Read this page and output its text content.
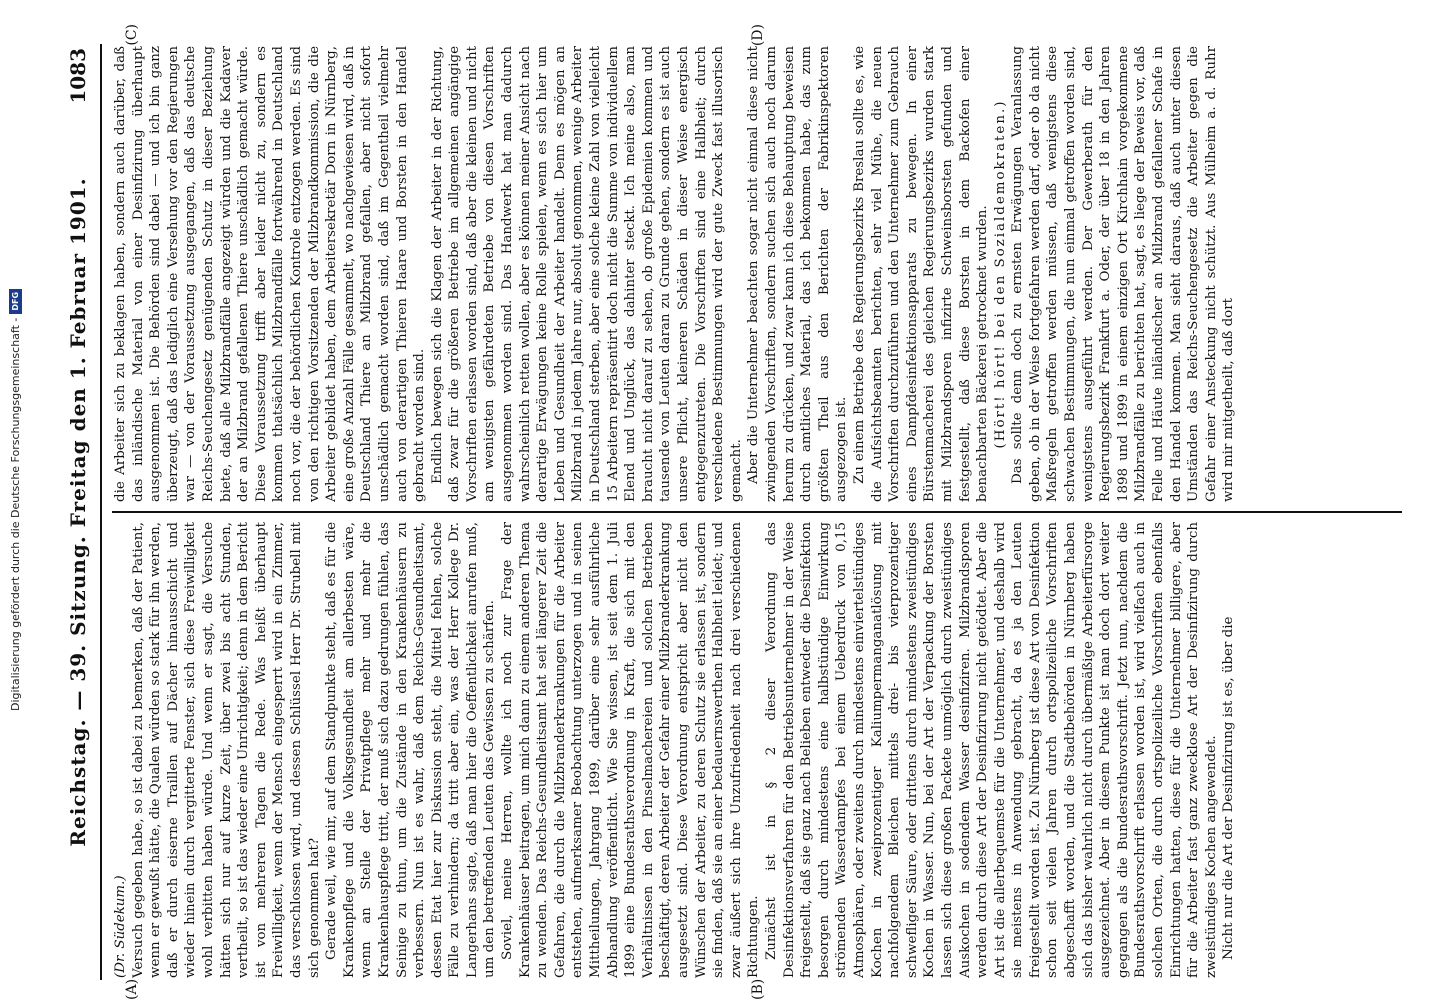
Reichstag. — 39. Sitzung. Freitag den 1. Februar 1901.
1083
(A)	(B)
(C)	(D)

(Dr. Südekum.) Versuch gegeben habe, so ist dabei zu bemerken, daß der Patient, wenn er gewußt hätte, die Qualen würden so stark für ihn werden, daß er durch eiserne Traillen auf Dächer hinausschicht und wieder hinein durch vergitterte Fenster, sich diese Freiwilligkeit wohl verbitten haben würde. Und wenn er sagt, die Versuche hätten sich nur auf kurze Zeit, über zwei bis acht Stunden, vertheilt, so ist das wieder eine Unrichtigkeit; denn in dem Bericht ist von mehreren Tagen die Rede. Was heißt überhaupt Freiwilligkeit, wenn der Mensch eingesperrt wird in ein Zimmer, das verschlossen wird, und dessen Schlüssel Herr Dr. Strubell mit sich genommen hat? Gerade weil, wie mir, auf dem Standpunkte steht, daß es für die Krankenpflege und die Volksgesundheit am allerbesten wäre, wenn an Stelle der Privatpflege mehr und mehr die Krankenhauspflege tritt, der muß sich dazu gedrungen fühlen, das Seinige zu thun, um die Zustände in den Krankenhäusern zu verbessern. Nun ist es wahr, daß dem Reichs-Gesundheitsamt, dessen Etat hier zur Diskussion steht, die Mittel fehlen, solche Fälle zu verhindern; da tritt aber ein, was der Herr Kollege Dr. Langerhans sagte, daß man hier die Oeffentlichkeit anrufen muß, um den betreffenden Leuten das Gewissen zu schärfen. Soviel, meine Herren, wollte ich noch zur Frage der Krankenhäuser beitragen, um mich dann zu einem anderen Thema zu wenden. Das Reichs-Gesundheitsamt hat seit längerer Zeit die Gefahren, die durch die Milzbranderkrankungen für die Arbeiter entstehen, aufmerksamer Beobachtung unterzogen und in seinen Mittheilungen, Jahrgang 1899, darüber eine sehr ausführliche Abhandlung veröffentlicht. Wie Sie wissen, ist seit dem 1. Juli 1899 eine Bundesrathsverordnung in Kraft, die sich mit den Verhältnissen in den Pinselmachereien und solchen Betrieben beschäftigt, deren Arbeiter der Gefahr einer Milzbranderkrankung ausgesetzt sind. Diese Verordnung entspricht aber nicht den Wünschen der Arbeiter, zu deren Schutz sie erlassen ist, sondern sie finden, daß sie an einer bedauernswerthen Halbheit leidet; und zwar äußert sich ihre Unzufriedenheit nach drei verschiedenen Richtungen. Zunächst ist in § 2 dieser Verordnung das Desinfektionsverfahren für den Betriebsunternehmer in der Weise freigestellt, daß sie ganz nach Belieben entweder die Desinfektion besorgen durch mindestens eine halbstündige Einwirkung strömenden Wasserdampfes bei einem Ueberdruck von 0,15 Atmosphären, oder zweitens durch mindestens einviertelstündiges Kochen in zweiprozentiger Kaliumpermanganatlösung mit nachfolgendem Bleichen mittels drei- bis vierprozentiger schwefliger Säure, oder drittens durch mindestens zweistündiges Kochen in Wasser. Nun, bei der Art der Verpackung der Borsten lassen sich diese großen Packete unmöglich durch zweistündiges Auskochen in sodendem Wasser desinfiziren. Milzbrandsporen werden durch diese Art der Desinfizirung nicht getödtet. Aber die Art ist die allerbequemste für die Unternehmer, und deshalb wird sie meistens in Anwendung gebracht, da es ja den Leuten freigestellt worden ist. Zu Nürnberg ist diese Art von Desinfektion schon seit vielen Jahren durch ortspolizeiliche Vorschriften abgeschafft worden, und die Stadtbehörden in Nürnberg haben sich das bisher wahrlich nicht durch übermäßige Arbeiterfürsorge ausgezeichnet. Aber in diesem Punkte ist man doch dort weiter gegangen als die Bundesrathsvorschrift. Jetzt nun, nachdem die Bundesrathsvorschrift erlassen worden ist, wird vielfach auch in solchen Orten, die durch ortspolizeiliche Vorschriften ebenfalls Einrichtungen hatten, diese für die Unternehmer billigere, aber für die Arbeiter fast ganz zwecklose Art der Desinfizirung durch zweistündiges Kochen angewendet. Nicht nur die Art der Desinfizirung ist es, über die

die Arbeiter sich zu beklagen haben, sondern auch darüber, daß das inländische Material von einer Desinfizirung überhaupt ausgenommen ist. Die Behörden sind dabei — und ich bin ganz überzeugt, daß das lediglich eine Versehung vor den Regierungen war — von der Voraussetzung ausgegangen, daß das deutsche Reichs-Seuchengesetz genügenden Schutz in dieser Beziehung biete, daß alle Milzbrandfälle angezeigt würden und die Kadaver der an Milzbrand gefallenen Thiere unschädlich gemacht würde. Diese Voraussetzung trifft aber leider nicht zu, sondern es kommen thatsächlich Milzbrandfälle fortwährend in Deutschland noch vor, die der behördlichen Kontrole entzogen werden. Es sind von den richtigen Vorsitzenden der Milzbrandkommission, die die Arbeiter gebildet haben, dem Arbeitersekretär Dorn in Nürnberg, eine große Anzahl Fälle gesammelt, wo nachgewiesen wird, daß in Deutschland Thiere an Milzbrand gefallen, aber nicht sofort unschädlich gemacht worden sind, daß im Gegentheil vielmehr auch von derartigen Thieren Haare und Borsten in den Handel gebracht worden sind. Endlich bewegen sich die Klagen der Arbeiter in der Richtung, daß zwar für die größeren Betriebe im allgemeinen angängige Vorschriften erlassen worden sind, daß aber die kleinen und nicht am wenigsten gefährdeten Betriebe von diesen Vorschriften ausgenommen worden sind. Das Handwerk hat man dadurch wahrscheinlich retten wollen, aber es können meiner Ansicht nach derartige Erwägungen keine Rolle spielen, wenn es sich hier um Leben und Gesundheit der Arbeiter handelt. Denn es mögen an Milzbrand in jedem Jahre nur, absolut genommen, wenige Arbeiter in Deutschland sterben, aber eine solche kleine Zahl von vielleicht 15 Arbeitern repräsentirt doch nicht die Summe von individuellem Elend und Unglück, das dahinter steckt. Ich meine also, man braucht nicht darauf zu sehen, ob große Epidemien kommen und tausende von Leuten daran zu Grunde gehen, sondern es ist auch unsere Pflicht, kleineren Schäden in dieser Weise energisch entgegenzutreten. Die Vorschriften sind eine Halbheit; durch verschiedene Bestimmungen wird der gute Zweck fast illusorisch gemacht. Aber die Unternehmer beachten sogar nicht einmal diese nicht zwingenden Vorschriften, sondern suchen sich auch noch darum herum zu drücken, und zwar kann ich diese Behauptung beweisen durch amtliches Material, das ich bekommen habe, das zum größten Theil aus den Berichten der Fabrikinspektoren ausgezogen ist. Zu einem Betriebe des Regierungsbezirks Breslau sollte es, wie die Aufsichtsbeamten berichten, sehr viel Mühe, die neuen Vorschriften durchzuführen und den Unternehmer zum Gebrauch eines Dampfdesinfektionsapparats zu bewegen. In einer Bürstenmacherei des gleichen Regierungsbezirks wurden stark mit Milzbrandsporen infizirte Schweinsborsten gefunden und festgestellt, daß diese Borsten in dem Backofen einer benachbarten Bäckerei getrocknet wurden. (Hört! hört! bei den Sozialdemokraten.) Das sollte denn doch zu ernsten Erwägungen Veranlassung geben, ob in der Weise fortgefahren werden darf, oder ob da nicht Maßregeln getroffen werden müssen, daß wenigstens diese schwachen Bestimmungen, die nun einmal getroffen worden sind, wenigstens ausgeführt werden. Der Gewerberath für den Regierungsbezirk Frankfurt a. Oder, der über 18 in den Jahren 1898 und 1899 in einem einzigen Ort Kirchhain vorgekommene Milzbrandfälle zu berichten hat, sagt, es liege der Beweis vor, daß Felle und Häute inländischer an Milzbrand gefallener Schafe in den Handel kommen. Man sieht daraus, daß auch unter diesen Umständen das Reichs-Seuchengesetz die Arbeiter gegen die Gefahr einer Ansteckung nicht schützt. Aus Mülheim a. d. Ruhr wird mir mitgetheilt, daß dort

Digitalisierung gefördert durch die Deutsche Forschungsgemeinschaft -
DFG
